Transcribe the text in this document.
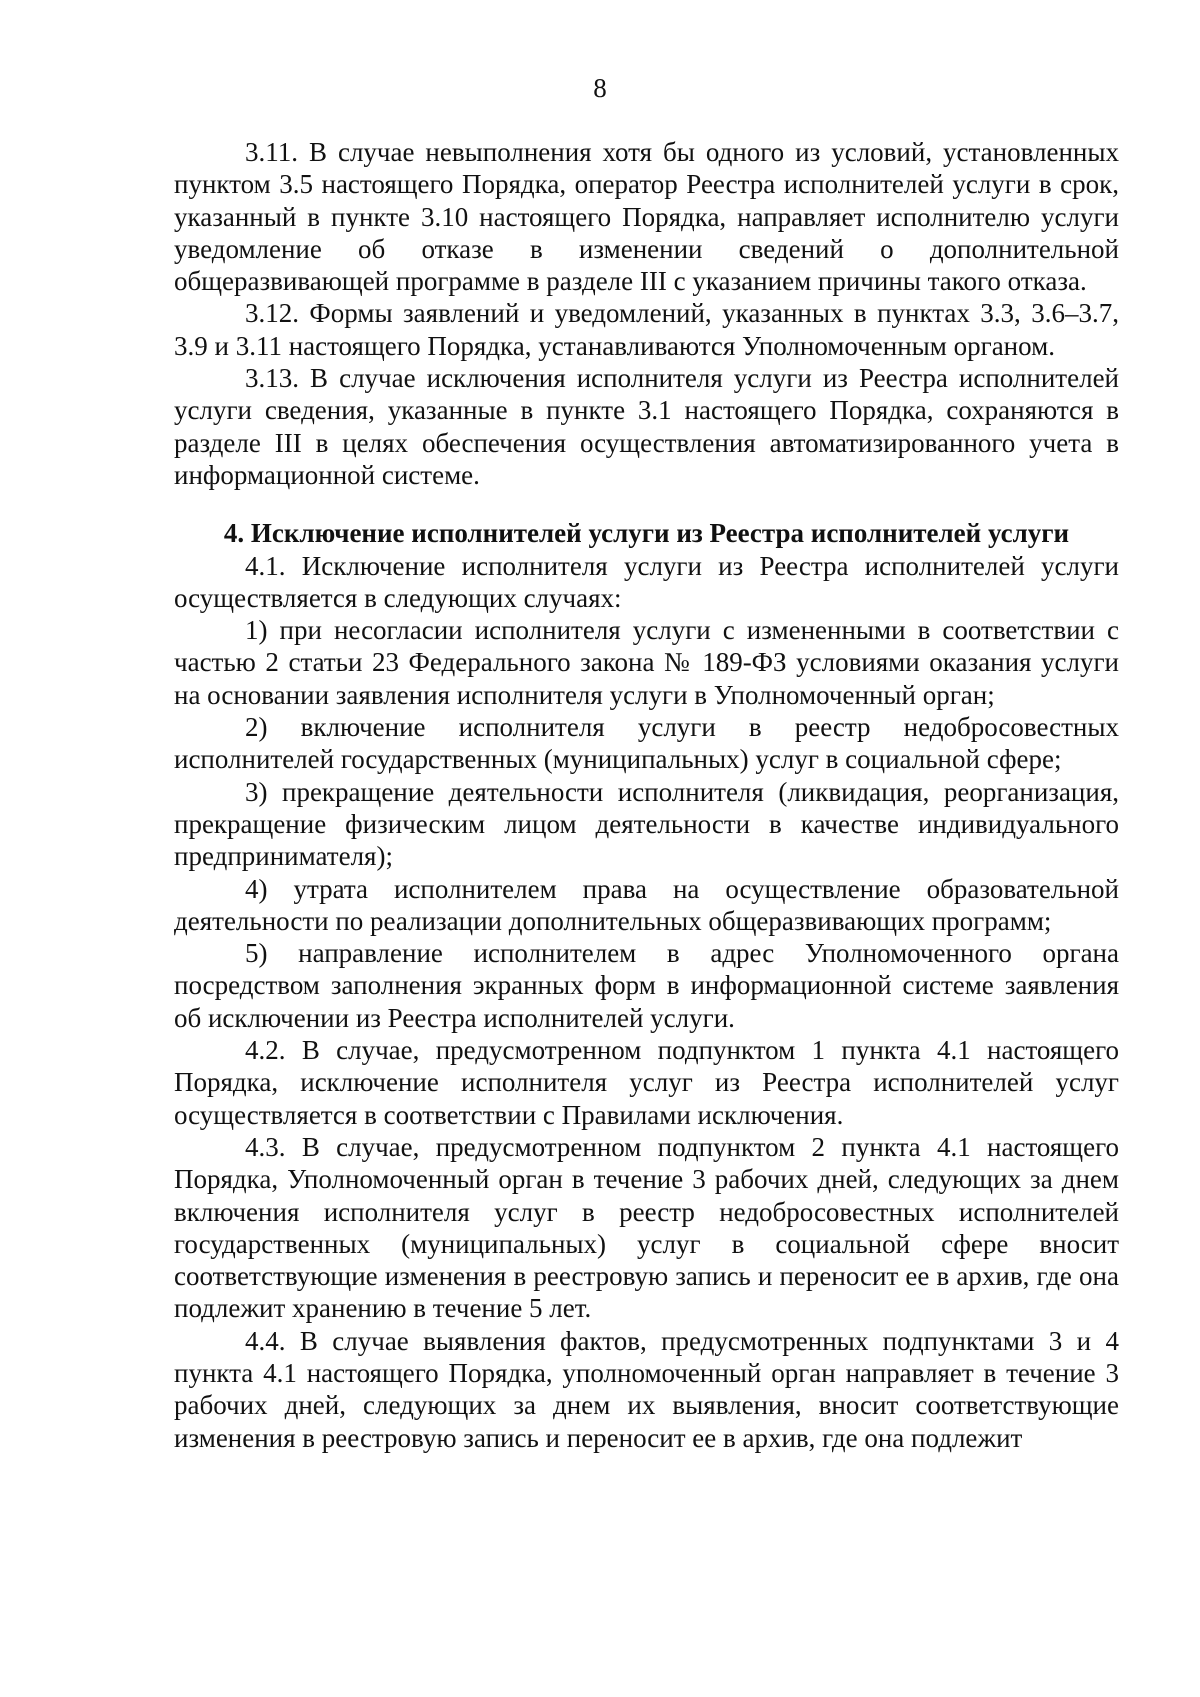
8

3.11. В случае невыполнения хотя бы одного из условий, установленных пунктом 3.5 настоящего Порядка, оператор Реестра исполнителей услуги в срок, указанный в пункте 3.10 настоящего Порядка, направляет исполнителю услуги уведомление об отказе в изменении сведений о дополнительной общеразвивающей программе в разделе III с указанием причины такого отказа.

3.12. Формы заявлений и уведомлений, указанных в пунктах 3.3, 3.6–3.7, 3.9 и 3.11 настоящего Порядка, устанавливаются Уполномоченным органом.

3.13. В случае исключения исполнителя услуги из Реестра исполнителей услуги сведения, указанные в пункте 3.1 настоящего Порядка, сохраняются в разделе III в целях обеспечения осуществления автоматизированного учета в информационной системе.

4. Исключение исполнителей услуги из Реестра исполнителей услуги

4.1. Исключение исполнителя услуги из Реестра исполнителей услуги осуществляется в следующих случаях:

1) при несогласии исполнителя услуги с измененными в соответствии с частью 2 статьи 23 Федерального закона № 189-ФЗ условиями оказания услуги на основании заявления исполнителя услуги в Уполномоченный орган;

2) включение исполнителя услуги в реестр недобросовестных исполнителей государственных (муниципальных) услуг в социальной сфере;

3) прекращение деятельности исполнителя (ликвидация, реорганизация, прекращение физическим лицом деятельности в качестве индивидуального предпринимателя);

4) утрата исполнителем права на осуществление образовательной деятельности по реализации дополнительных общеразвивающих программ;

5) направление исполнителем в адрес Уполномоченного органа посредством заполнения экранных форм в информационной системе заявления об исключении из Реестра исполнителей услуги.

4.2. В случае, предусмотренном подпунктом 1 пункта 4.1 настоящего Порядка, исключение исполнителя услуг из Реестра исполнителей услуг осуществляется в соответствии с Правилами исключения.

4.3. В случае, предусмотренном подпунктом 2 пункта 4.1 настоящего Порядка, Уполномоченный орган в течение 3 рабочих дней, следующих за днем включения исполнителя услуг в реестр недобросовестных исполнителей государственных (муниципальных) услуг в социальной сфере вносит соответствующие изменения в реестровую запись и переносит ее в архив, где она подлежит хранению в течение 5 лет.

4.4. В случае выявления фактов, предусмотренных подпунктами 3 и 4 пункта 4.1 настоящего Порядка, уполномоченный орган направляет в течение 3 рабочих дней, следующих за днем их выявления, вносит соответствующие изменения в реестровую запись и переносит ее в архив, где она подлежит
